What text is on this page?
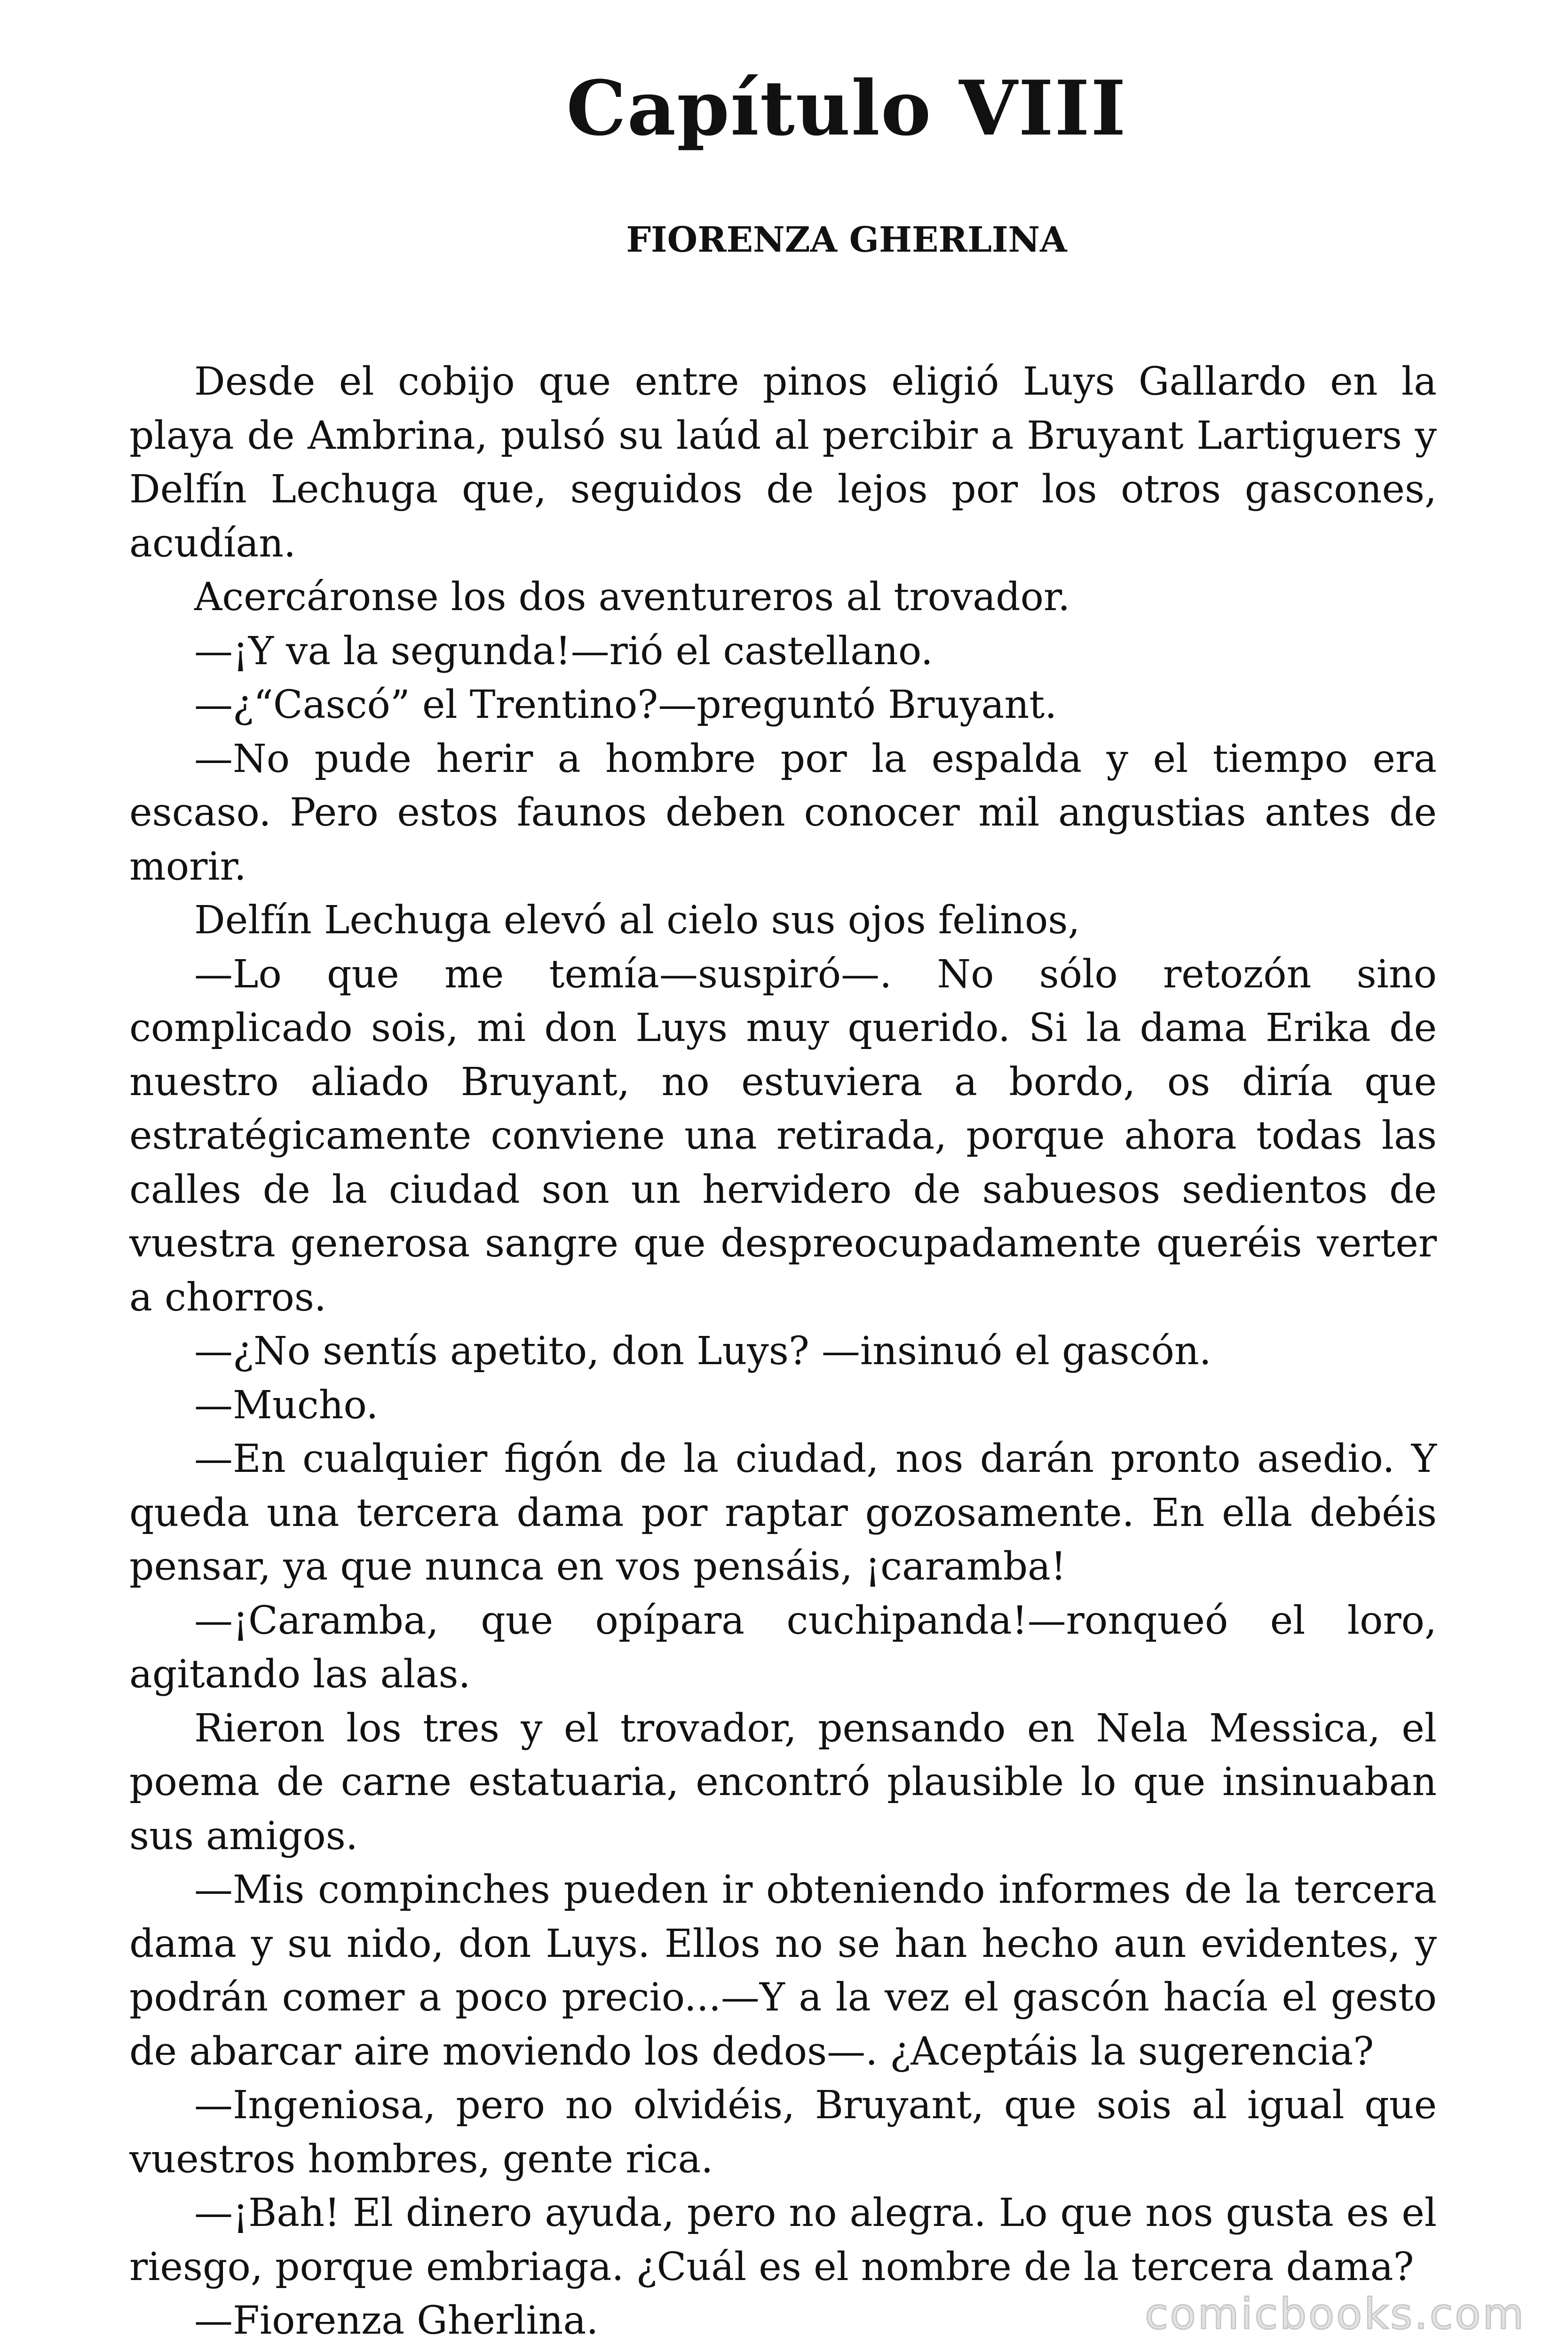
Capítulo VIII
FIORENZA GHERLINA

Desde el cobijo que entre pinos eligió Luys Gallardo en la playa de Ambrina, pulsó su laúd al percibir a Bruyant Lartiguers y Delfín Lechuga que, seguidos de lejos por los otros gascones, acudían.

Acercáronse los dos aventureros al trovador.

—¡Y va la segunda!—rió el castellano.

—¿“Cascó” el Trentino?—preguntó Bruyant.

—No pude herir a hombre por la espalda y el tiempo era escaso. Pero estos faunos deben conocer mil angustias antes de morir.

Delfín Lechuga elevó al cielo sus ojos felinos,

—Lo que me temía—suspiró—. No sólo retozón sino complicado sois, mi don Luys muy querido. Si la dama Erika de nuestro aliado Bruyant, no estuviera a bordo, os diría que estratégicamente conviene una retirada, porque ahora todas las calles de la ciudad son un hervidero de sabuesos sedientos de vuestra generosa sangre que despreocupadamente queréis verter a chorros.

—¿No sentís apetito, don Luys? —insinuó el gascón.

—Mucho.

—En cualquier figón de la ciudad, nos darán pronto asedio. Y queda una tercera dama por raptar gozosamente. En ella debéis pensar, ya que nunca en vos pensáis, ¡caramba!

—¡Caramba, que opípara cuchipanda!—ronqueó el loro, agitando las alas.

Rieron los tres y el trovador, pensando en Nela Messica, el poema de carne estatuaria, encontró plausible lo que insinuaban sus amigos.

—Mis compinches pueden ir obteniendo informes de la tercera dama y su nido, don Luys. Ellos no se han hecho aun evidentes, y podrán comer a poco precio...—Y a la vez el gascón hacía el gesto de abarcar aire moviendo los dedos—. ¿Aceptáis la sugerencia?

—Ingeniosa, pero no olvidéis, Bruyant, que sois al igual que vuestros hombres, gente rica.

—¡Bah! El dinero ayuda, pero no alegra. Lo que nos gusta es el riesgo, porque embriaga. ¿Cuál es el nombre de la tercera dama?

—Fiorenza Gherlina.	comicbooks.com
